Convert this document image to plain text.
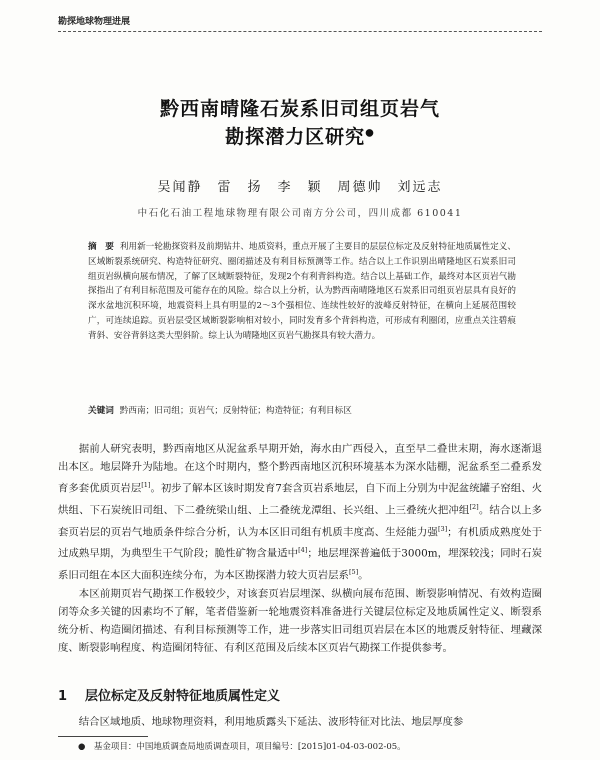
勘探地球物理进展
黔西南晴隆石炭系旧司组页岩气
勘探潜力区研究●
吴闻静　雷　扬　李　颖　周德帅　刘远志
中石化石油工程地球物理有限公司南方分公司，四川成都 610041
摘　要 利用新一轮勘探资料及前期钻井、地质资料，重点开展了主要目的层层位标定及反射特征地质属性定义、区域断裂系统研究、构造特征研究、圈闭描述及有利目标预测等工作。结合以上工作识别出晴隆地区石炭系旧司组页岩纵横向展布情况，了解了区域断裂特征，发现2个有利背斜构造。结合以上基础工作，最终对本区页岩气勘探指出了有利目标范围及可能存在的风险。综合以上分析，认为黔西南晴隆地区石炭系旧司组页岩层具有良好的深水盆地沉积环境，地震资料上具有明显的2～3个强相位、连续性较好的波峰反射特征，在横向上延展范围较广，可连续追踪。页岩层受区域断裂影响相对较小，同时发育多个背斜构造，可形成有利圈闭，应重点关注碧痕背斜、安谷背斜这类大型斜阶。综上认为晴隆地区页岩气勘探具有较大潜力。
关键词 黔西南；旧司组；页岩气；反射特征；构造特征；有利目标区

据前人研究表明，黔西南地区从泥盆系早期开始，海水由广西侵入，直至早二叠世末期，海水逐渐退出本区。地层降升为陆地。在这个时期内，整个黔西南地区沉积环境基本为深水陆棚，泥盆系至二叠系发育多套优质页岩层[1]。初步了解本区该时期发育7套含页岩系地层，自下而上分别为中泥盆统罐子窑组、火烘组、下石炭统旧司组、下二叠统梁山组、上二叠统龙潭组、长兴组、上三叠统火把冲组[2]。结合以上多套页岩层的页岩气地质条件综合分析，认为本区旧司组有机质丰度高、生烃能力强[3]；有机质成熟度处于过成熟早期，为典型生干气阶段；脆性矿物含量适中[4]；地层埋深普遍低于3000m，埋深较浅；同时石炭系旧司组在本区大面积连续分布，为本区勘探潜力较大页岩层系[5]。

本区前期页岩气勘探工作极较少，对该套页岩层埋深、纵横向展布范围、断裂影响情况、有效构造圈闭等众多关键的因素均不了解，笔者借鉴新一轮地震资料准备进行关键层位标定及地质属性定义、断裂系统分析、构造圈闭描述、有利目标预测等工作，进一步落实旧司组页岩层在本区的地震反射特征、埋藏深度、断裂影响程度、构造圈闭特征、有利区范围及后续本区页岩气勘探工作提供参考。

1 层位标定及反射特征地质属性定义
结合区域地质、地球物理资料，利用地质露头下延法、波形特征对比法、地层厚度参
●　基金项目：中国地质调查局地质调查项目，项目编号：[2015]01-04-03-002-05。
